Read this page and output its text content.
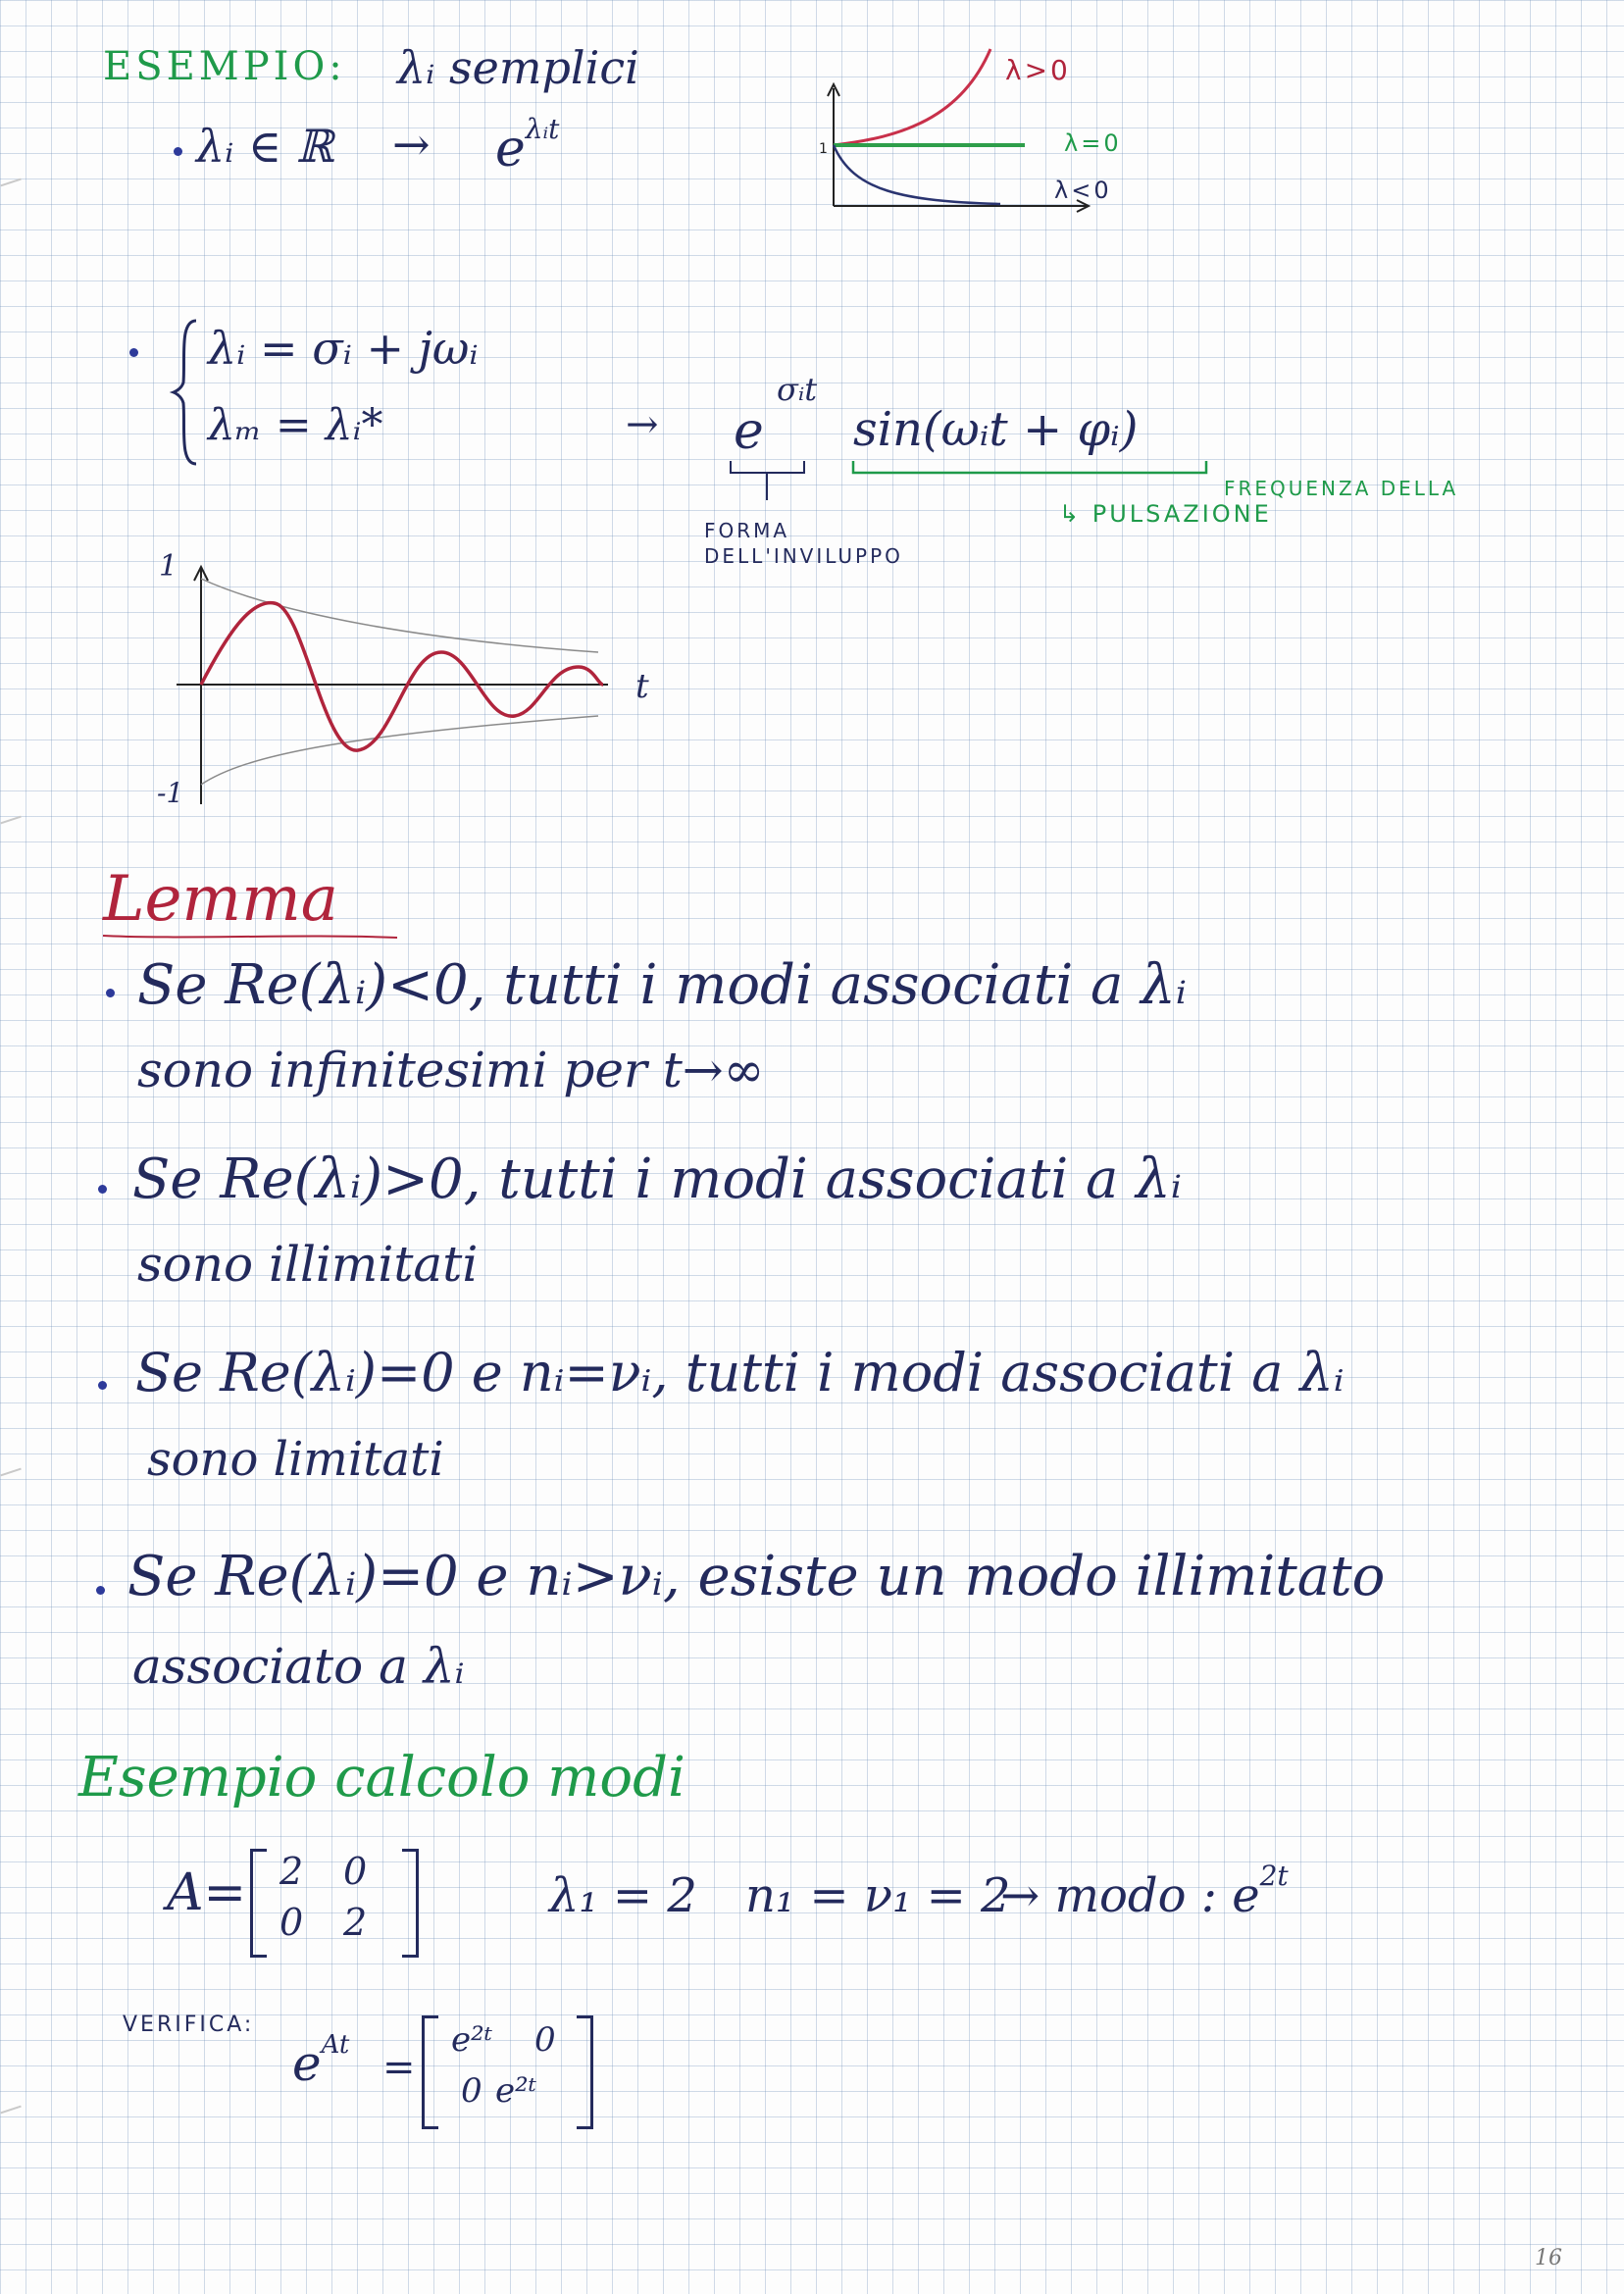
ESEMPIO: λᵢ semplici
λᵢ ∈ ℝ → $e^{\lambda ᵢt}$
1
λ>0
λ=0
λ<0
λᵢ = σᵢ + jωᵢ
λₘ = λᵢ*	→ e
σᵢt
sin(ωᵢt + φᵢ)
FORMA DELL'INVILUPPO
FREQUENZA DELLA
↳ PULSAZIONE
1
-1
t
Lemma
Se Re(λᵢ)<0, tutti i modi associati a λᵢ
sono infinitesimi per t→∞
Se Re(λᵢ)>0, tutti i modi associati a λᵢ
sono illimitati
Se Re(λᵢ)=0 e nᵢ=νᵢ, tutti i modi associati a λᵢ
sono limitati
Se Re(λᵢ)=0 e nᵢ>νᵢ, esiste un modo illimitato
associato a λᵢ
Esempio calcolo modi
A= 2 0
0 2	λ₁ = 2 n₁ = ν₁ = 2
→ modo : $e^{2t}$
VERIFICA:
$e^{At}$ =
e²ᵗ 0
0 e²ᵗ
16
